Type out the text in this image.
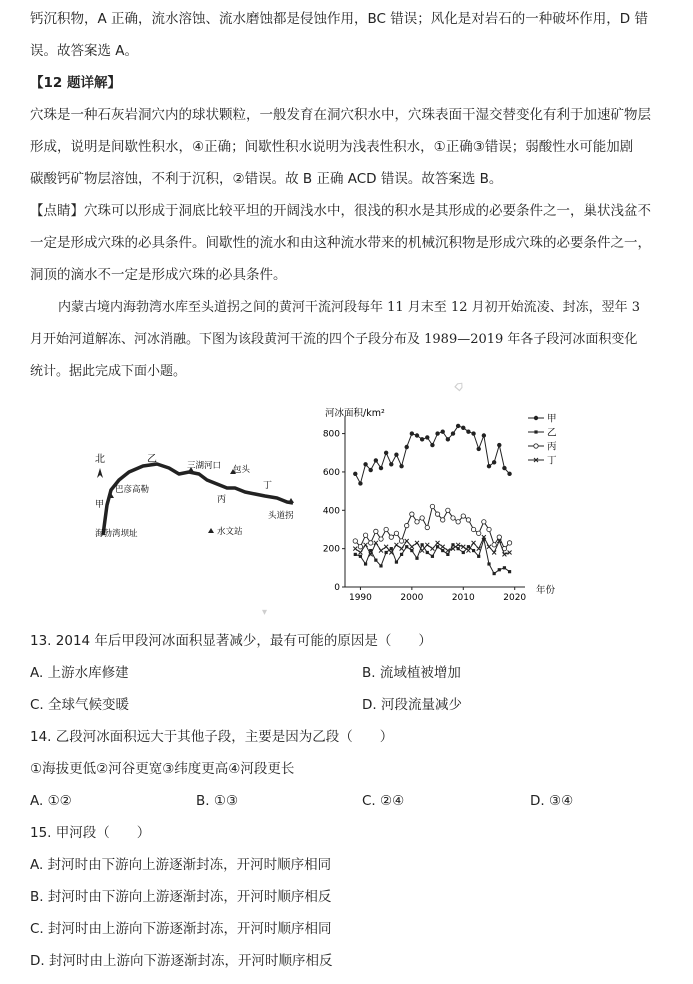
钙沉积物，A 正确，流水溶蚀、流水磨蚀都是侵蚀作用，BC 错误；风化是对岩石的一种破坏作用，D 错
误。故答案选 A。
【12 题详解】
穴珠是一种石灰岩洞穴内的球状颗粒，一般发育在洞穴积水中，穴珠表面干湿交替变化有利于加速矿物层
形成，说明是间歇性积水，④正确；间歇性积水说明为浅表性积水，①正确③错误；弱酸性水可能加剧
碳酸钙矿物层溶蚀，不利于沉积，②错误。故 B 正确 ACD 错误。故答案选 B。
【点睛】穴珠可以形成于洞底比较平坦的开阔浅水中，很浅的积水是其形成的必要条件之一，巢状浅盆不
一定是形成穴珠的必具条件。间歇性的流水和由这种流水带来的机械沉积物是形成穴珠的必要条件之一，
洞顶的滴水不一定是形成穴珠的必具条件。
内蒙古境内海勃湾水库至头道拐之间的黄河干流河段每年 11 月末至 12 月初开始流凌、封冻，翌年 3
月开始河道解冻、河冰消融。下图为该段黄河干流的四个子段分布及 1989—2019 年各子段河冰面积变化
统计。据此完成下面小题。
北	乙
三湖河口 包头
巴彦高勒
甲	丙
丁
海勃湾坝址
头道拐
水文站
河冰面积/km²
年份
0
200
400
600
800
1990	2000	2010	2020
甲
乙
丙
丁
⌂
▾
13. 2014 年后甲段河冰面积显著减少，最有可能的原因是（　　）
A. 上游水库修建	B. 流域植被增加
C. 全球气候变暖	D. 河段流量减少
14. 乙段河冰面积远大于其他子段，主要是因为乙段（　　）
①海拔更低②河谷更宽③纬度更高④河段更长
A. ①②	B. ①③	C. ②④	D. ③④
15. 甲河段（　　）
A. 封河时由下游向上游逐渐封冻，开河时顺序相同
B. 封河时由下游向上游逐渐封冻，开河时顺序相反
C. 封河时由上游向下游逐渐封冻，开河时顺序相同
D. 封河时由上游向下游逐渐封冻，开河时顺序相反
